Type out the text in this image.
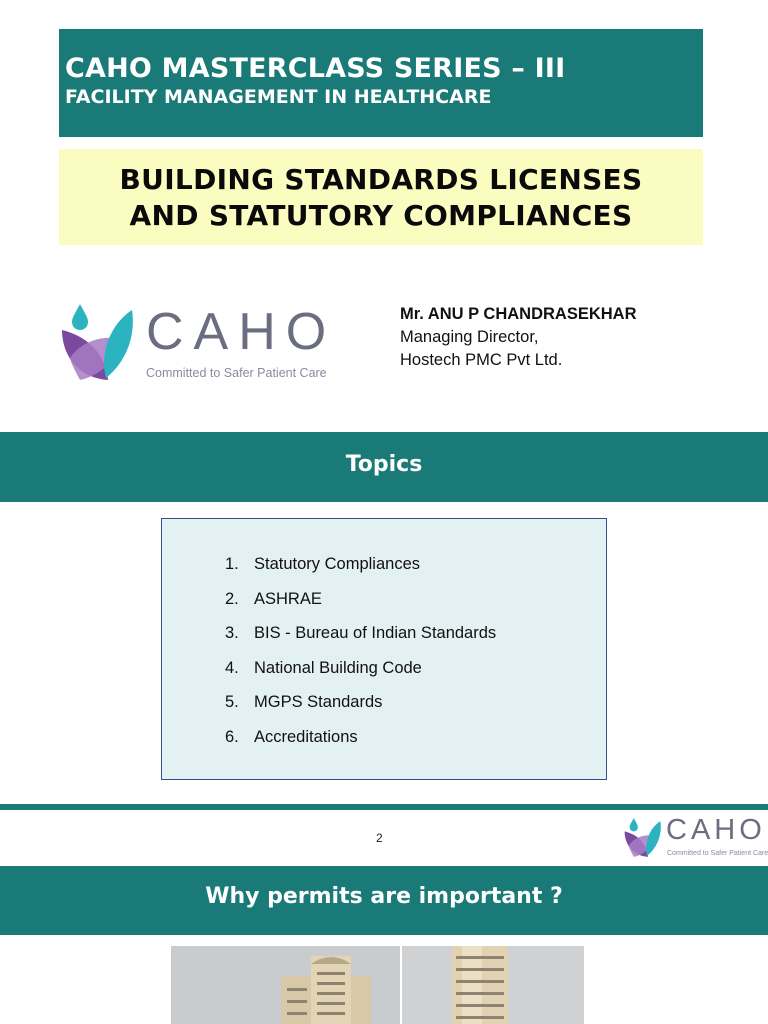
CAHO MASTERCLASS SERIES – III
FACILITY MANAGEMENT IN HEALTHCARE
BUILDING STANDARDS LICENSES
AND STATUTORY COMPLIANCES
CAHO
Committed to Safer Patient Care
Mr. ANU P CHANDRASEKHAR
Managing Director,
Hostech PMC Pvt Ltd.
Topics
1. Statutory Compliances
2. ASHRAE
3. BIS - Bureau of Indian Standards
4. National Building Code
5. MGPS Standards
6. Accreditations
2	CAHO
Committed to Safer Patient Care
Why permits are important ?
